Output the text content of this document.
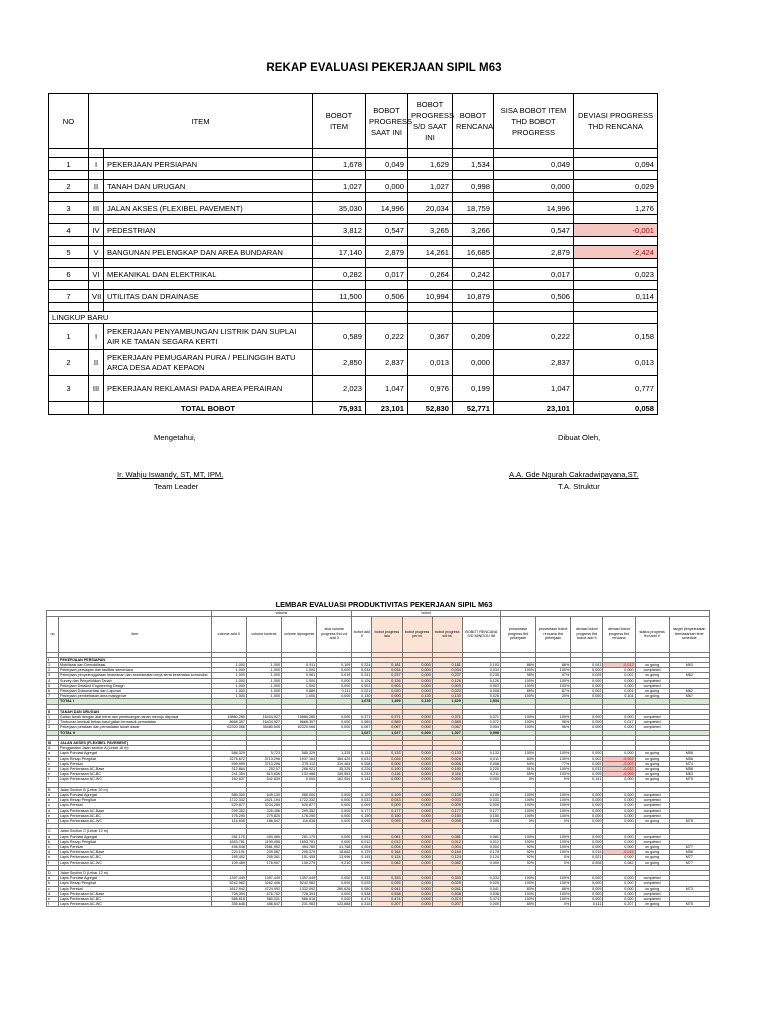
REKAP EVALUASI PEKERJAAN SIPIL M63
NO	ITEM		BOBOT ITEM	BOBOT PROGRESS SAAT INI	BOBOT PROGRESS S/D SAAT INI	BOBOT RENCANA	SISA BOBOT ITEM THD BOBOT PROGRESS	DEVIASI PROGRESS THD RENCANA

1	I	PEKERJAAN PERSIAPAN	1,678	0,049	1,629	1,534	0,049	0,094

2	II	TANAH DAN URUGAN	1,027	0,000	1,027	0,998	0,000	0,029

3	III	JALAN AKSES (FLEXIBEL PAVEMENT)	35,030	14,996	20,034	18,759	14,996	1,276

4	IV	PEDESTRIAN	3,812	0,547	3,265	3,266	0,547	-0,001

5	V	BANGUNAN PELENGKAP DAN AREA BUNDARAN	17,140	2,879	14,261	16,685	2,879	-2,424

6	VI	MEKANIKAL DAN ELEKTRIKAL	0,282	0,017	0,264	0,242	0,017	0,023

7	VII	UTILITAS DAN DRAINASE	11,500	0,506	10,994	10,879	0,506	0,114

LINGKUP BARU								
1	I	PEKERJAAN PENYAMBUNGAN LISTRIK DAN SUPLAI AIR KE TAMAN SEGARA KERTI	0,589	0,222	0,367	0,209	0,222	0,158
2	II	PEKERJAAN PEMUGARAN PURA / PELINGGIH BATU ARCA DESA ADAT KEPAON	2,850	2,837	0,013	0,000	2,837	0,013
3	III	PEKERJAAN REKLAMASI PADA AREA PERAIRAN	2,023	1,047	0,976	0,199	1,047	0,777
		TOTAL BOBOT	75,931	23,101	52,830	52,771	23,101	0,058
Mengetahui,
Ir. Wahju Iswandy, ST, MT, IPM.
Team Leader
Dibuat Oleh,
A.A. Gde Ngurah Cakradwipayana,ST.
T.A. Struktur
LEMBAR EVALUASI PRODUKTIVITAS PEKERJAAN SIPIL M63
		volume				bobot										
no	item	volume add II	volume kontrak	volume diprogress	sisa volume progress thd vol add II	bobot add II	bobot progress lalu	bobot progress per ini	bobot progress s/d ini	BOBOT RENCANA S/D MINGGU INI	prosentase progress thd pekerjaan	prosentase bobot rencana thd pekerjaan	deviasi bobot progress thd bobot add II	deviasi bobot progress thd rencana	status progress thd add II	target penyelesaian berdasarkan time schedule

I	PEKERJAAN PERSIAPAN															
1	Mobilisasi dan Demobilisasi	1,000	1,000	0,911	0,109	0,224	0,181	0,000	0,181	0,193	86%	86%	0,043	-0,012	on going	M63
2	Pekerjaan persiapan dan fasilitas sementara	1,000	1,000	1,000	0,000	0,034	0,034	0,000	0,034	0,034	100%	100%	0,000	0,000	completed	
3	Pekerjaan penyelenggaraan keamanan dan keselamatan kerja serta kesehatan konstruksi	1,000	1,000	0,981	0,019	0,241	0,237	0,000	0,237	0,235	98%	97%	0,005	0,002	on going	M62
4	Survey dan Penyelidikan Tanah	1,000	1,000	1,000	0,000	0,126	0,126	0,000	0,126	0,126	100%	100%	0,000	0,000	completed	
5	Pekerjaan Detailed Engineering Design	1,000	1,000	1,000	0,000	0,903	0,903	0,000	0,903	0,903	100%	100%	0,000	0,000	completed	
6	Pekerjaan Dokumentasi dan Laporan	1,000	1,000	0,889	0,111	0,021	0,020	0,000	0,020	0,008	89%	87%	0,002	0,001	on going	M62
7	Pekerjaan pembebasan area masygrove	1,000	1,000	1,000	0,000	0,130	0,000	0,130	0,130	0,026	100%	20%	0,000	0,104	on going	M67
	TOTAL I					1,678	1,499	0,130	1,629	1,534						

II	TANAH DAN URUGAN															
1	Galian tanah dengan alat berat dan pembuangan tanah menuju disposal	15880,280	16434,927	15880,280	0,000	0,371	0,371	0,000	0,371	0,371	100%	100%	0,000	0,000	completed	
2	Timbunan kembali bekas hasil galian termasuk pemadatan	8668,357	16434,927	8668,357	0,000	0,589	0,589	0,000	0,589	0,572	100%	96%	0,000	0,017	completed	
3	Pekerjaan perataan dan pemadatan tanah dasar	62320,066	35480,545	62320,066	0,000	0,067	0,067	0,000	0,067	0,054	100%	96%	0,000	0,000	completed	
	TOTAL II					1,027	1,027	0,000	1,027	0,998						

III	JALAN AKSES (FLEXIBEL PAVEMENT)															
A	Penggantian Jalan section A (Lebar 16 m)															
a	Lapis Pondasi Agregat	586,329	5,723	585,329	1,325	0,133	0,133	0,000	0,133	0,133	100%	100%	0,000	0,000	on going	M58
b	Lapis Resap Pengikat	2276,672	3713,296	1937,164	364,429	0,031	0,026	0,000	0,026	0,011	84%	100%	0,002	-0,002	on going	M58
c	Lapis Perekat	599,999	3713,296	275,112	319,464	0,008	0,006	0,000	0,006	0,008	54%	77%	0,005	-0,003	on going	M74
d	Lapis Perkerasan AC-Base	312,864	252,57	286,921	35,325	0,226	0,190	0,000	0,190	0,220	91%	100%	0,033	-0,033	on going	M58
e	Lapis Perkerasan AC-BC	241,354	813,836	132,488	109,553	0,233	0,116	0,000	0,116	0,211	55%	100%	0,095	-0,095	on going	M63
f	Lapis Perkerasan AC-WC	162,637	542,839	0,000	162,054	0,141	0,000	0,000	0,000	0,000	0%	0%	0,141	0,000	on going	M75

B	Jalan Section B (Lebar 20 m)															
a	Lapis Pondasi Agregat	589,000	649,130	589,000	0,000	0,109	0,109	0,000	0,109	0,109	100%	100%	0,000	0,000	completed	
b	Lapis Resap Pengikat	1722,332	2421,194	1722,332	0,000	0,033	0,033	0,000	0,033	0,033	100%	100%	0,000	0,000	completed	
c	Lapis Perekat	529,877	3234,289	529,877	0,000	0,009	0,009	0,000	0,009	0,009	100%	100%	0,000	0,000	completed	
d	Lapis Perkerasan AC-Base	299,352	326,456	299,352	0,000	0,177	0,177	0,000	0,177	0,177	100%	100%	0,000	0,000	completed	
e	Lapis Perkerasan AC-BC	176,290	279,820	176,290	0,000	0,150	0,150	0,000	0,150	0,150	100%	100%	0,000	0,000	completed	
f	Lapis Perkerasan AC-WC	116,838	186,547	116,838	0,000	0,095	0,095	0,000	0,095	0,095	0%	0%	0,000	0,000	on going	M75

C	Jalan Section C (Lebar 12 m)															
a	Lapis Pondasi Agregat	281,170	493,080	281,170	0,000	0,081	0,081	0,000	0,081	0,081	100%	100%	0,000	0,000	completed	
b	Lapis Resap Pengikat	1653,781	1190,496	1653,781	0,000	0,012	0,012	0,000	0,012	0,012	100%	100%	0,000	0,000	completed	
c	Lapis Perekat	496,548	2581,992	454,780	41,768	0,004	0,004	0,000	0,004	0,004	92%	100%	0,000	0,000	on going	M77
d	Lapis Perkerasan AC-Base	224,191	239,587	205,379	18,862	0,179	0,164	0,000	0,164	0,178	92%	100%	0,015	-0,015	on going	M58
e	Lapis Perkerasan AC-BC	165,452	295,361	151,455	13,996	0,145	0,124	0,000	0,124	0,124	92%	0%	0,021	0,000	on going	M77
f	Lapis Perkerasan AC-WC	109,489	176,907	100,279	9,210	0,090	0,082	0,000	0,082	0,000	92%	0%	0,008	0,082	on going	M77

D	Jalan Section D (Lebar 12 m)															
a	Lapis Pondasi Agregat	1397,449	1397,449	1397,449	0,000	0,333	0,333	0,000	0,333	0,333	100%	100%	0,000	0,000	completed	
b	Lapis Resap Pengikat	5242,982	3262,496	5242,982	0,000	0,025	0,025	0,000	0,025	0,025	100%	100%	0,000	0,000	completed	
c	Lapis Perekat	1612,942	4724,992	1332,092	280,626	0,050	0,041	0,000	0,041	0,041	83%	68%	0,009	0,000	on going	M73
d	Lapis Perkerasan AC-Base	728,394	676,702	728,394	0,000	0,538	0,538	0,000	0,538	0,538	100%	100%	0,000	0,000	completed	
e	Lapis Perkerasan AC-BC	586,618	580,031	586,618	0,000	0,474	0,474	0,000	0,474	0,474	100%	100%	0,000	0,000	completed	
f	Lapis Perkerasan AC-WC	355,648	486,647	231,983	123,668	0,318	0,207	0,000	0,207	0,000	65%	0%	0,111	0,207	on going	M75
